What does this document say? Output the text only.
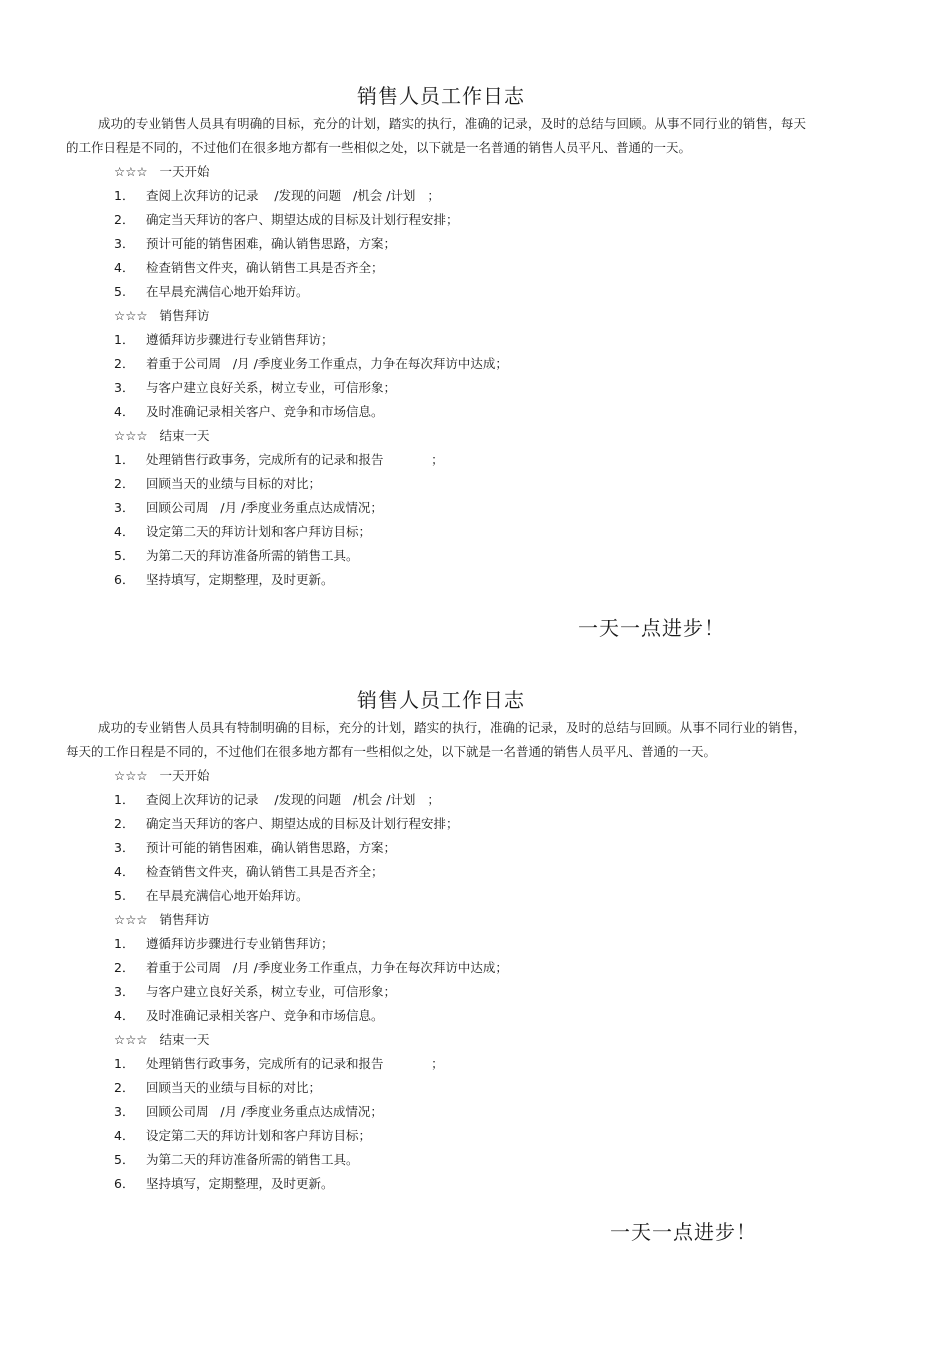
销售人员工作日志

成功的专业销售人员具有明确的目标，充分的计划，踏实的执行，准确的记录，及时的总结与回顾。从事不同行业的销售，每天的工作日程是不同的，不过他们在很多地方都有一些相似之处，以下就是一名普通的销售人员平凡、普通的一天。

☆☆☆   一天开始
1． 查阅上次拜访的记录    /发现的问题   /机会 /计划   ；
2． 确定当天拜访的客户、期望达成的目标及计划行程安排；
3． 预计可能的销售困难，确认销售思路，方案；
4． 检查销售文件夹，确认销售工具是否齐全；
5. 在早晨充满信心地开始拜访。
☆☆☆   销售拜访
1． 遵循拜访步骤进行专业销售拜访；
2． 着重于公司周   /月 /季度业务工作重点，力争在每次拜访中达成；
3． 与客户建立良好关系，树立专业，可信形象；
4． 及时准确记录相关客户、竞争和市场信息。
☆☆☆   结束一天
1． 处理销售行政事务，完成所有的记录和报告            ；
2． 回顾当天的业绩与目标的对比；
3． 回顾公司周   /月 /季度业务重点达成情况；
4． 设定第二天的拜访计划和客户拜访目标；
5． 为第二天的拜访准备所需的销售工具。
6． 坚持填写，定期整理，及时更新。
一天一点进步！
销售人员工作日志

成功的专业销售人员具有特制明确的目标，充分的计划，踏实的执行，准确的记录，及时的总结与回顾。从事不同行业的销售，每天的工作日程是不同的，不过他们在很多地方都有一些相似之处，以下就是一名普通的销售人员平凡、普通的一天。

☆☆☆   一天开始
1． 查阅上次拜访的记录    /发现的问题   /机会 /计划   ；
2． 确定当天拜访的客户、期望达成的目标及计划行程安排；
3． 预计可能的销售困难，确认销售思路，方案；
4． 检查销售文件夹，确认销售工具是否齐全；
5. 在早晨充满信心地开始拜访。
☆☆☆   销售拜访
1． 遵循拜访步骤进行专业销售拜访；
2． 着重于公司周   /月 /季度业务工作重点，力争在每次拜访中达成；
3． 与客户建立良好关系，树立专业，可信形象；
4． 及时准确记录相关客户、竞争和市场信息。
☆☆☆   结束一天
1． 处理销售行政事务，完成所有的记录和报告            ；
2． 回顾当天的业绩与目标的对比；
3． 回顾公司周   /月 /季度业务重点达成情况；
4． 设定第二天的拜访计划和客户拜访目标；
5． 为第二天的拜访准备所需的销售工具。
6． 坚持填写，定期整理，及时更新。
一天一点进步！
